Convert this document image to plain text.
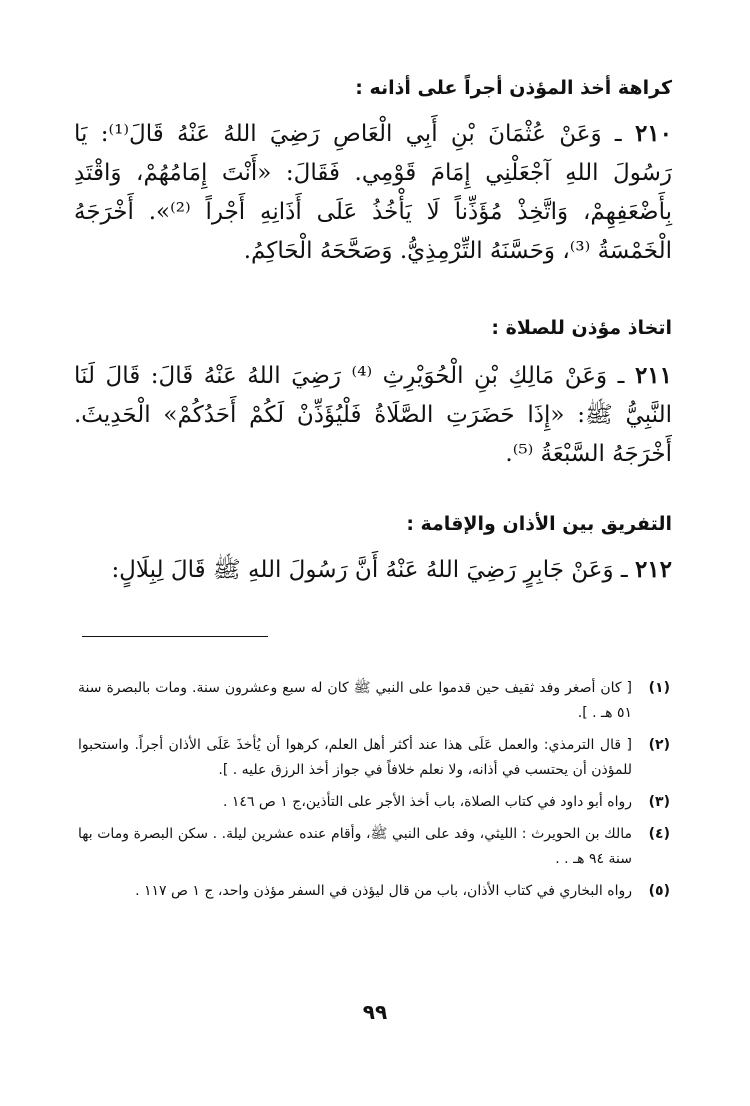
كراهة أخذ المؤذن أجراً على أذانه :

٢١٠ ـ وَعَنْ عُثْمَانَ بْنِ أَبِي الْعَاصِ رَضِيَ اللهُ عَنْهُ قَالَ⁽¹⁾: يَا رَسُولَ اللهِ آجْعَلْنِي إِمَامَ قَوْمِي. فَقَالَ: «أَنْتَ إِمَامُهُمْ، وَاقْتَدِ بِأَضْعَفِهِمْ، وَاتَّخِذْ مُؤَذِّناً لَا يَأْخُذُ عَلَى أَذَانِهِ أَجْراً ⁽²⁾». أَخْرَجَهُ الْخَمْسَةُ ⁽³⁾، وَحَسَّنَهُ التِّرْمِذِيُّ. وَصَحَّحَهُ الْحَاكِمُ.

اتخاذ مؤذن للصلاة :

٢١١ ـ وَعَنْ مَالِكِ بْنِ الْحُوَيْرِثِ ⁽⁴⁾ رَضِيَ اللهُ عَنْهُ قَالَ: قَالَ لَنَا النَّبِيُّ ﷺ: «إِذَا حَضَرَتِ الصَّلَاةُ فَلْيُؤَذِّنْ لَكُمْ أَحَدُكُمْ» الْحَدِيثَ. أَخْرَجَهُ السَّبْعَةُ ⁽⁵⁾.

التفريق بين الأذان والإقامة :

٢١٢ ـ وَعَنْ جَابِرٍ رَضِيَ اللهُ عَنْهُ أَنَّ رَسُولَ اللهِ ﷺ قَالَ لِبِلَالٍ:

(١)
[ كان أصغر وفد ثقيف حين قدموا على النبي ﷺ كان له سبع وعشرون سنة. ومات بالبصرة سنة ٥١ هـ . ].
(٢)
[ قال الترمذي: والعمل عَلَى هذا عند أكثر أهل العلم، كرهوا أن يُأخذَ عَلَى الأذان أجراً. واستحبوا للمؤذن أن يحتسب في أذانه، ولا نعلم خلافاً في جواز أخذ الرزق عليه . ].
(٣)
رواه أبو داود في كتاب الصلاة، باب أخذ الأجر على التأذين،ج ١ ص ١٤٦ .
(٤)
مالك بن الحويرث : الليثي، وفد على النبي ﷺ، وأقام عنده عشرين ليلة. . سكن البصرة ومات بها سنة ٩٤ هـ . .
(٥)
رواه البخاري في كتاب الأذان، باب من قال ليؤذن في السفر مؤذن واحد، ج ١ ص ١١٧ .
٩٩
